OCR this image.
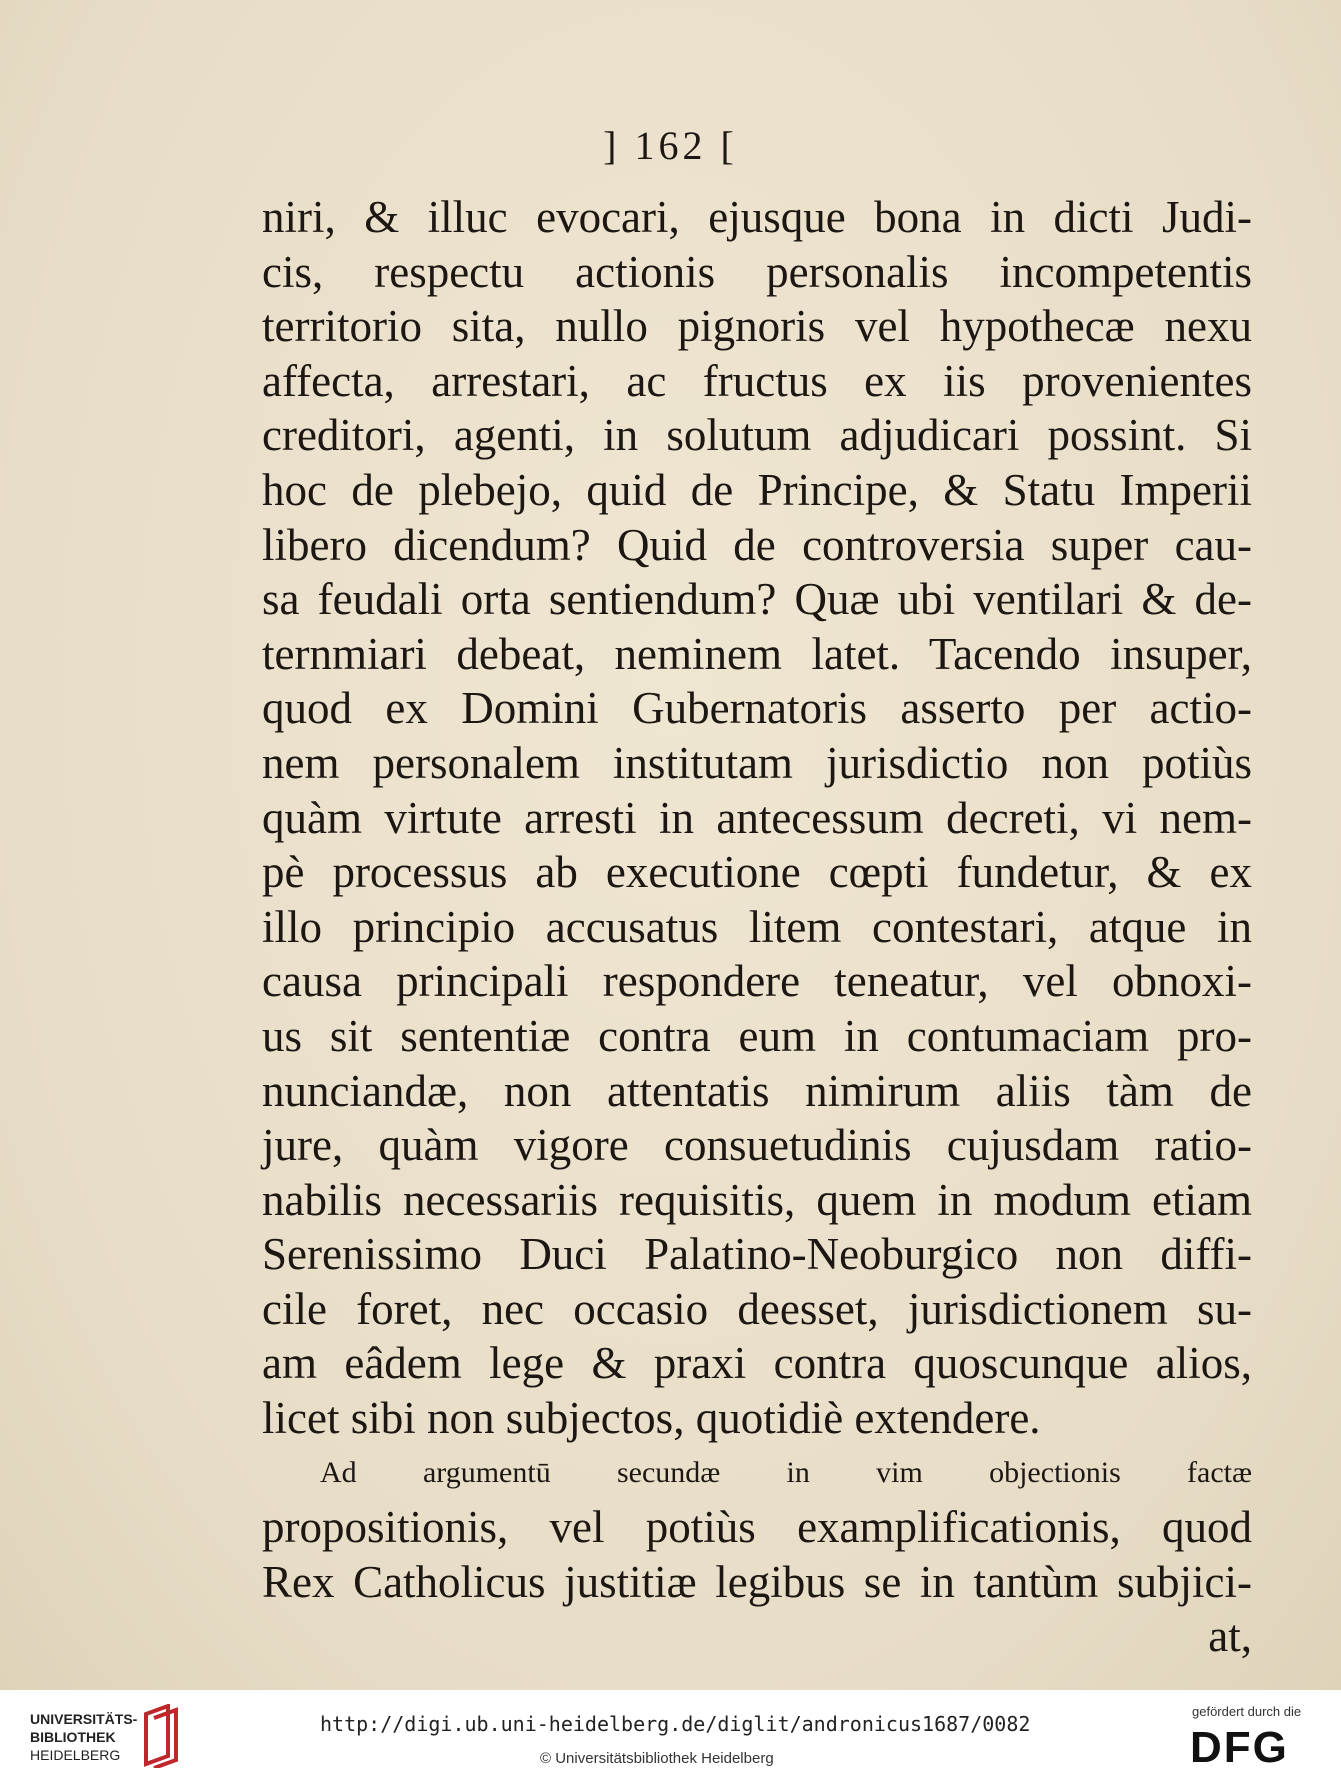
] 162 [
niri, & illuc evocari, ejusque bona in dicti Judi-
cis, respectu actionis personalis incompetentis
territorio sita, nullo pignoris vel hypothecæ nexu
affecta, arrestari, ac fructus ex iis provenientes
creditori, agenti, in solutum adjudicari possint. Si
hoc de plebejo, quid de Principe, & Statu Imperii
libero dicendum? Quid de controversia super cau-
sa feudali orta sentiendum? Quæ ubi ventilari & de-
ternmiari debeat, neminem latet. Tacendo insuper,
quod ex Domini Gubernatoris asserto per actio-
nem personalem institutam jurisdictio non potiùs
quàm virtute arresti in antecessum decreti, vi nem-
pè processus ab executione cœpti fundetur, & ex
illo principio accusatus litem contestari, atque in
causa principali respondere teneatur, vel obnoxi-
us sit sententiæ contra eum in contumaciam pro-
nunciandæ, non attentatis nimirum aliis tàm de
jure, quàm vigore consuetudinis cujusdam ratio-
nabilis necessariis requisitis, quem in modum etiam
Serenissimo Duci Palatino-Neoburgico non diffi-
cile foret, nec occasio deesset, jurisdictionem su-
am eâdem lege & praxi contra quoscunque alios,
licet sibi non subjectos, quotidiè extendere.
Ad argumentū secundæ in vim objectionis factæ
propositionis, vel potiùs examplificationis, quod
Rex Catholicus justitiæ legibus se in tantùm subjici-
at,
UNIVERSITÄTS-
BIBLIOTHEK
HEIDELBERG
http://digi.ub.uni-heidelberg.de/diglit/andronicus1687/0082
© Universitätsbibliothek Heidelberg
gefördert durch die
DFG
